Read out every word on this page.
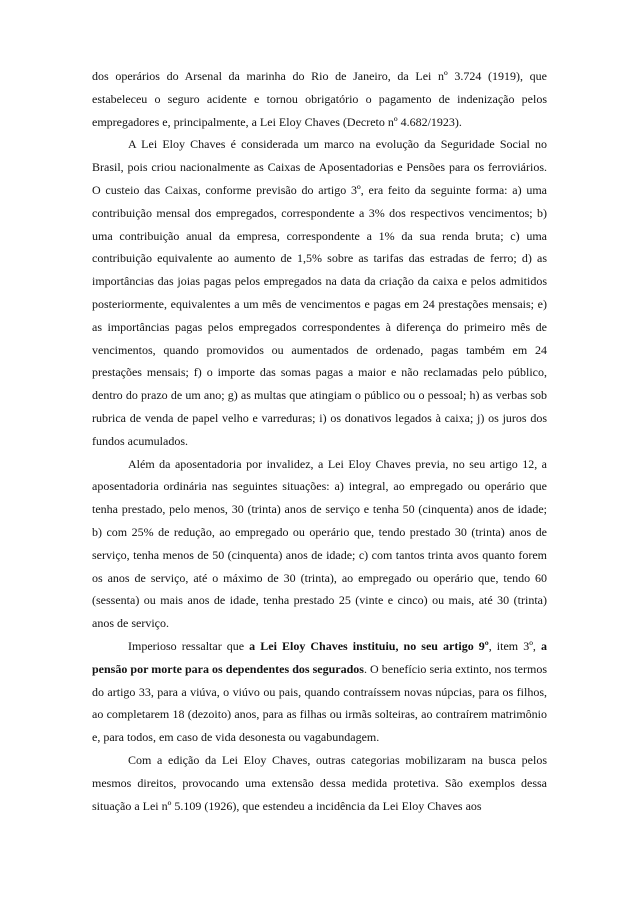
dos operários do Arsenal da marinha do Rio de Janeiro, da Lei nº 3.724 (1919), que estabeleceu o seguro acidente e tornou obrigatório o pagamento de indenização pelos empregadores e, principalmente, a Lei Eloy Chaves (Decreto nº 4.682/1923).

A Lei Eloy Chaves é considerada um marco na evolução da Seguridade Social no Brasil, pois criou nacionalmente as Caixas de Aposentadorias e Pensões para os ferroviários. O custeio das Caixas, conforme previsão do artigo 3º, era feito da seguinte forma: a) uma contribuição mensal dos empregados, correspondente a 3% dos respectivos vencimentos; b) uma contribuição anual da empresa, correspondente a 1% da sua renda bruta; c) uma contribuição equivalente ao aumento de 1,5% sobre as tarifas das estradas de ferro; d) as importâncias das joias pagas pelos empregados na data da criação da caixa e pelos admitidos posteriormente, equivalentes a um mês de vencimentos e pagas em 24 prestações mensais; e) as importâncias pagas pelos empregados correspondentes à diferença do primeiro mês de vencimentos, quando promovidos ou aumentados de ordenado, pagas também em 24 prestações mensais; f) o importe das somas pagas a maior e não reclamadas pelo público, dentro do prazo de um ano; g) as multas que atingiam o público ou o pessoal; h) as verbas sob rubrica de venda de papel velho e varreduras; i) os donativos legados à caixa; j) os juros dos fundos acumulados.

Além da aposentadoria por invalidez, a Lei Eloy Chaves previa, no seu artigo 12, a aposentadoria ordinária nas seguintes situações: a) integral, ao empregado ou operário que tenha prestado, pelo menos, 30 (trinta) anos de serviço e tenha 50 (cinquenta) anos de idade; b) com 25% de redução, ao empregado ou operário que, tendo prestado 30 (trinta) anos de serviço, tenha menos de 50 (cinquenta) anos de idade; c) com tantos trinta avos quanto forem os anos de serviço, até o máximo de 30 (trinta), ao empregado ou operário que, tendo 60 (sessenta) ou mais anos de idade, tenha prestado 25 (vinte e cinco) ou mais, até 30 (trinta) anos de serviço.

Imperioso ressaltar que a Lei Eloy Chaves instituiu, no seu artigo 9º, item 3º, a pensão por morte para os dependentes dos segurados. O benefício seria extinto, nos termos do artigo 33, para a viúva, o viúvo ou pais, quando contraíssem novas núpcias, para os filhos, ao completarem 18 (dezoito) anos, para as filhas ou irmãs solteiras, ao contraírem matrimônio e, para todos, em caso de vida desonesta ou vagabundagem.

Com a edição da Lei Eloy Chaves, outras categorias mobilizaram na busca pelos mesmos direitos, provocando uma extensão dessa medida protetiva. São exemplos dessa situação a Lei nº 5.109 (1926), que estendeu a incidência da Lei Eloy Chaves aos
